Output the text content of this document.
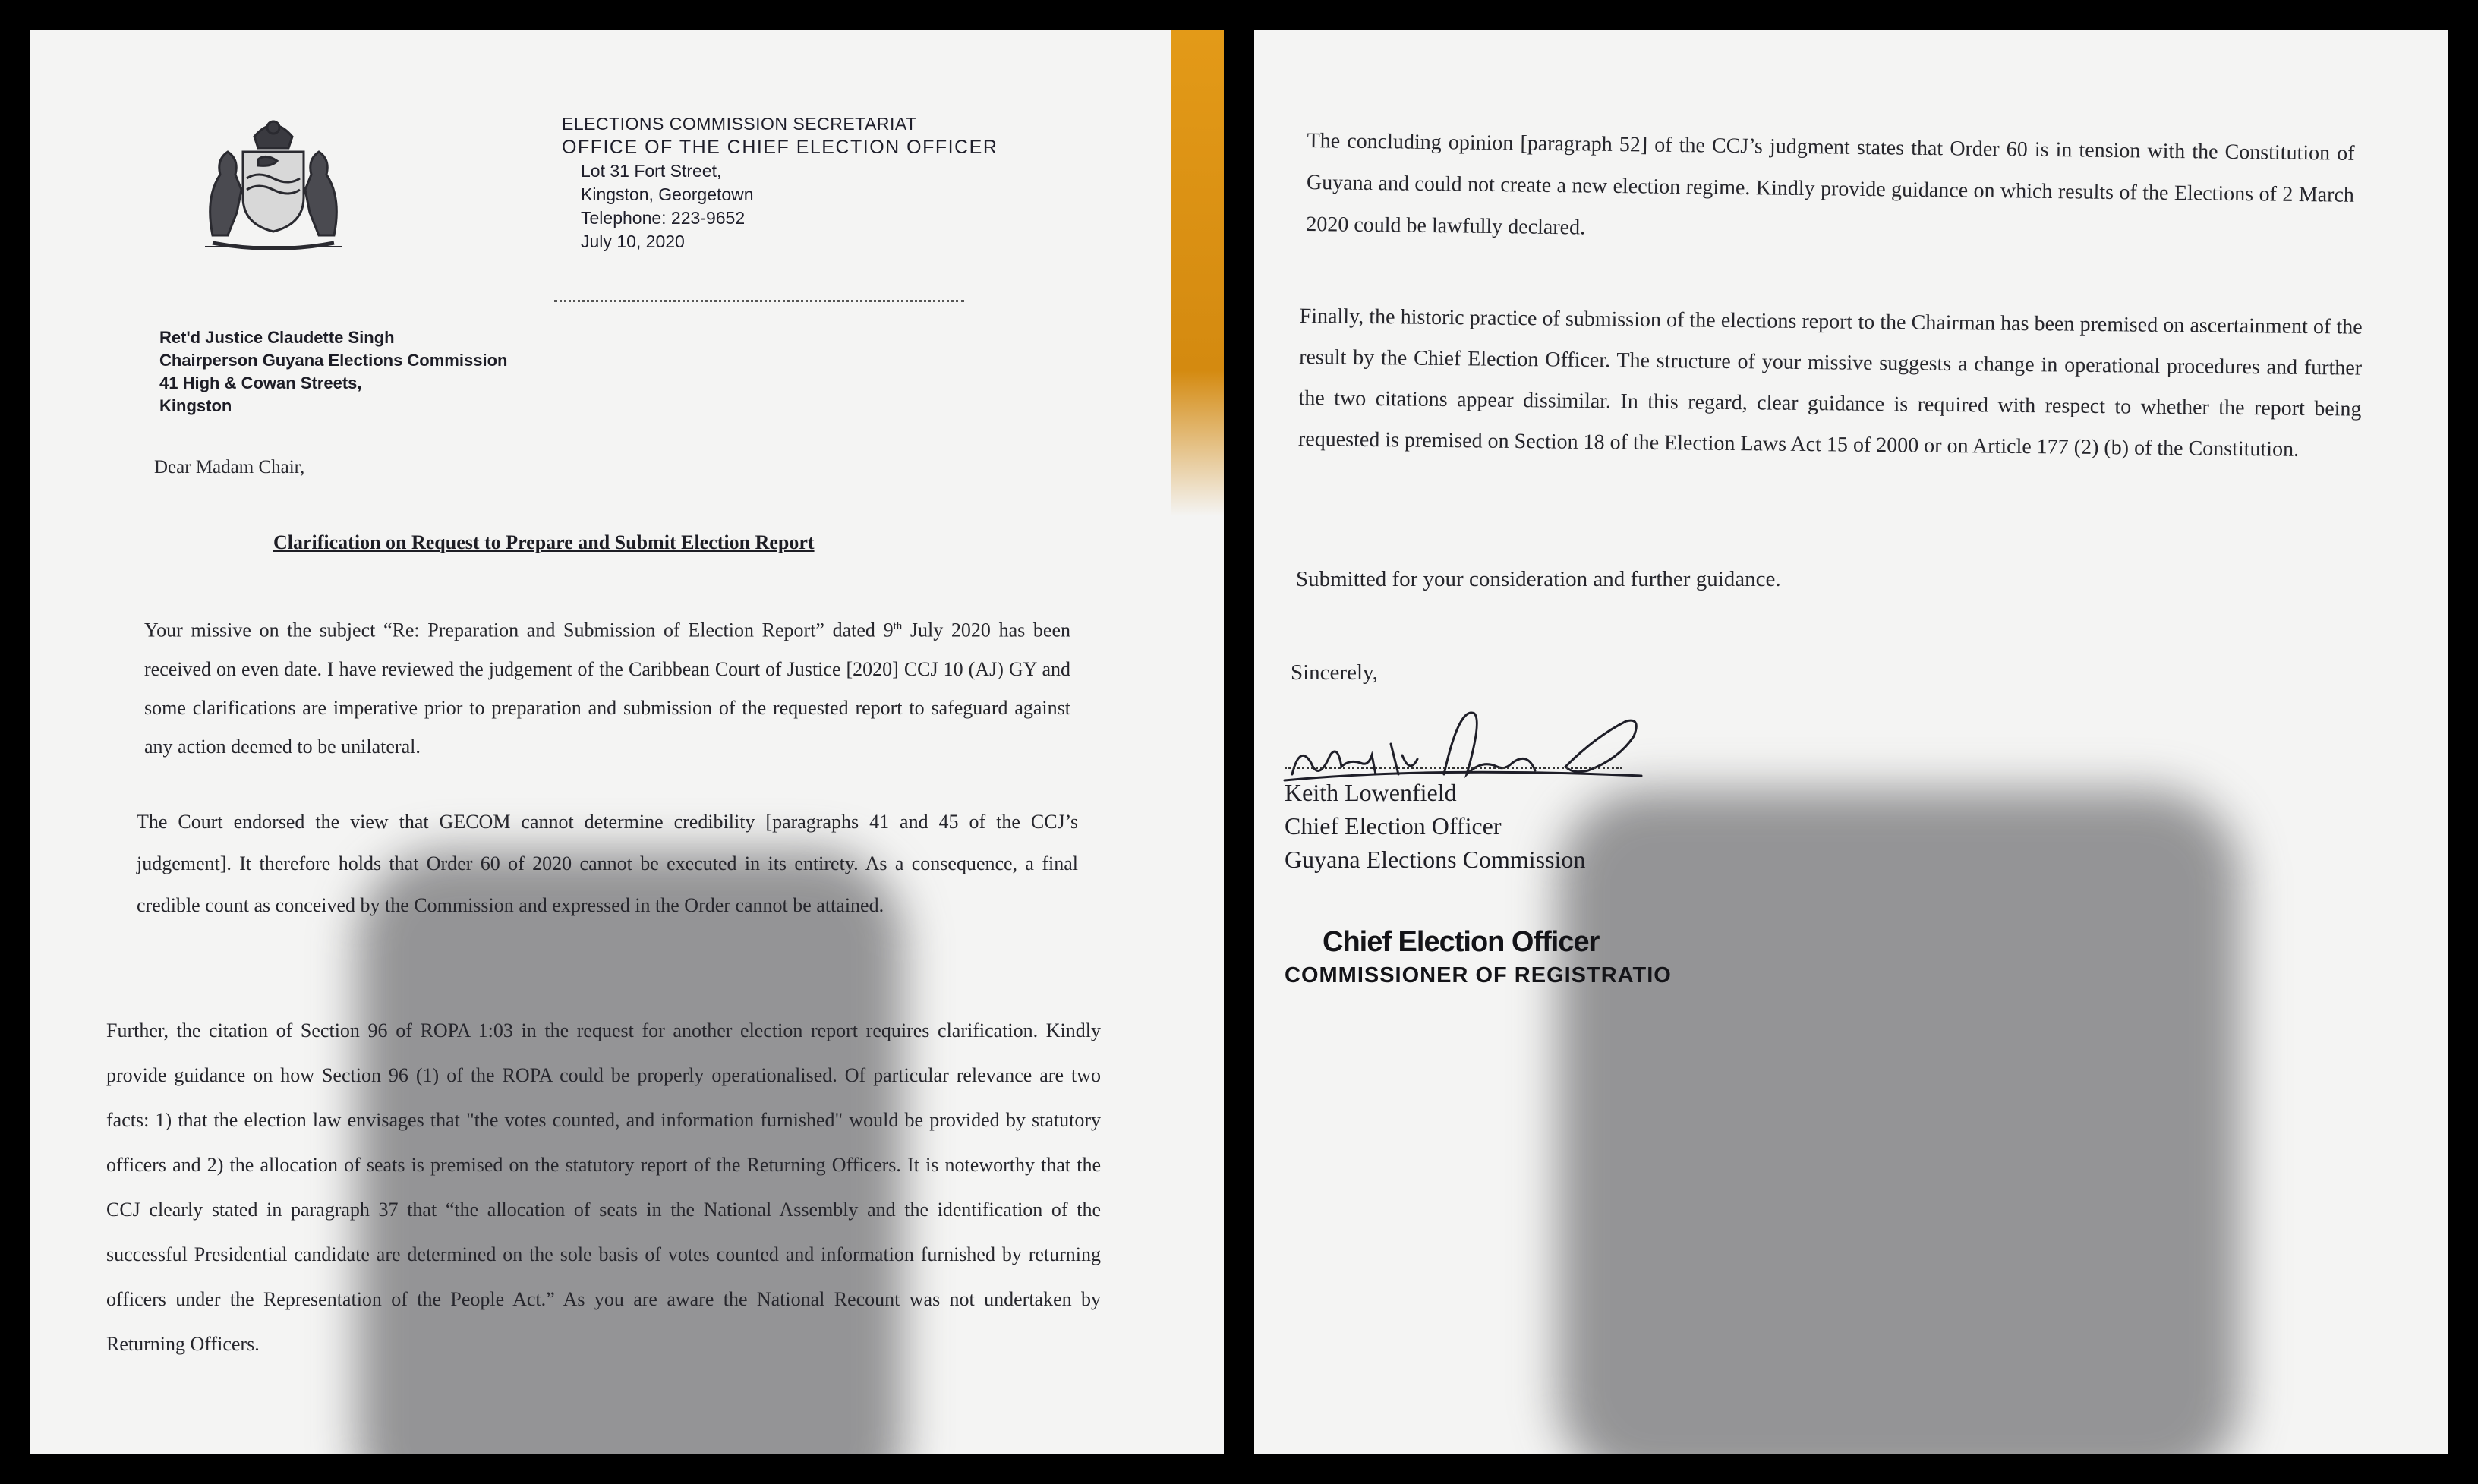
ELECTIONS COMMISSION SECRETARIAT
OFFICE OF THE CHIEF ELECTION OFFICER
Lot 31 Fort Street,
Kingston, Georgetown
Telephone: 223-9652
July 10, 2020
Ret'd Justice Claudette Singh
Chairperson Guyana Elections Commission
41 High & Cowan Streets,
Kingston
Dear Madam Chair,
Clarification on Request to Prepare and Submit Election Report
Your missive on the subject “Re: Preparation and Submission of Election Report” dated 9th July 2020 has been received on even date. I have reviewed the judgement of the Caribbean Court of Justice [2020] CCJ 10 (AJ) GY and some clarifications are imperative prior to preparation and submission of the requested report to safeguard against any action deemed to be unilateral.
The Court endorsed the view that GECOM cannot determine credibility [paragraphs 41 and 45 of the CCJ’s judgement]. It therefore holds that Order 60 of 2020 cannot be executed in its entirety. As a consequence, a final credible count as conceived by the Commission and expressed in the Order cannot be attained.
Further, the citation of Section 96 of ROPA 1:03 in the request for another election report requires clarification. Kindly provide guidance on how Section 96 (1) of the ROPA could be properly operationalised. Of particular relevance are two facts: 1) that the election law envisages that "the votes counted, and information furnished" would be provided by statutory officers and 2) the allocation of seats is premised on the statutory report of the Returning Officers. It is noteworthy that the CCJ clearly stated in paragraph 37 that “the allocation of seats in the National Assembly and the identification of the successful Presidential candidate are determined on the sole basis of votes counted and information furnished by returning officers under the Representation of the People Act.” As you are aware the National Recount was not undertaken by Returning Officers.
The concluding opinion [paragraph 52] of the CCJ’s judgment states that Order 60 is in tension with the Constitution of Guyana and could not create a new election regime. Kindly provide guidance on which results of the Elections of 2 March 2020 could be lawfully declared.
Finally, the historic practice of submission of the elections report to the Chairman has been premised on ascertainment of the result by the Chief Election Officer. The structure of your missive suggests a change in operational procedures and further the two citations appear dissimilar. In this regard, clear guidance is required with respect to whether the report being requested is premised on Section 18 of the Election Laws Act 15 of 2000 or on Article 177 (2) (b) of the Constitution.
Submitted for your consideration and further guidance.
Sincerely,
Keith Lowenfield
Chief Election Officer
Guyana Elections Commission
Chief Election Officer
COMMISSIONER OF REGISTRATIO
